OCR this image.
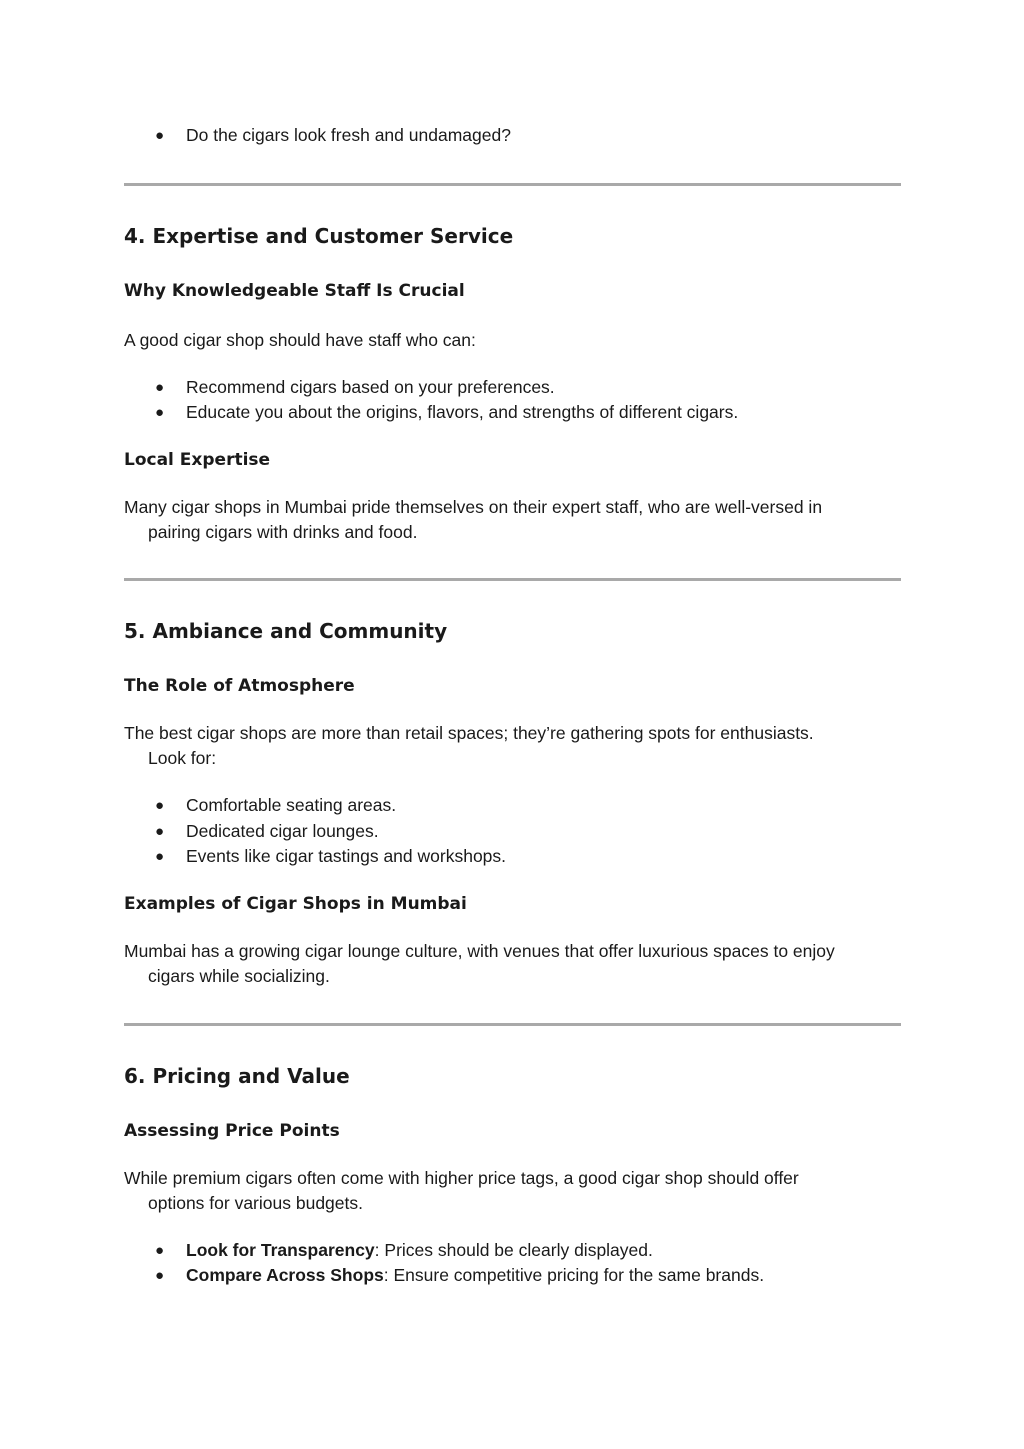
● Do the cigars look fresh and undamaged?
4. Expertise and Customer Service
Why Knowledgeable Staff Is Crucial
A good cigar shop should have staff who can:
● Recommend cigars based on your preferences.
● Educate you about the origins, flavors, and strengths of different cigars.
Local Expertise
Many cigar shops in Mumbai pride themselves on their expert staff, who are well-versed in
pairing cigars with drinks and food.
5. Ambiance and Community
The Role of Atmosphere
The best cigar shops are more than retail spaces; they’re gathering spots for enthusiasts.
Look for:
● Comfortable seating areas.
● Dedicated cigar lounges.
● Events like cigar tastings and workshops.
Examples of Cigar Shops in Mumbai
Mumbai has a growing cigar lounge culture, with venues that offer luxurious spaces to enjoy
cigars while socializing.
6. Pricing and Value
Assessing Price Points
While premium cigars often come with higher price tags, a good cigar shop should offer
options for various budgets.
● Look for Transparency: Prices should be clearly displayed.
● Compare Across Shops: Ensure competitive pricing for the same brands.
